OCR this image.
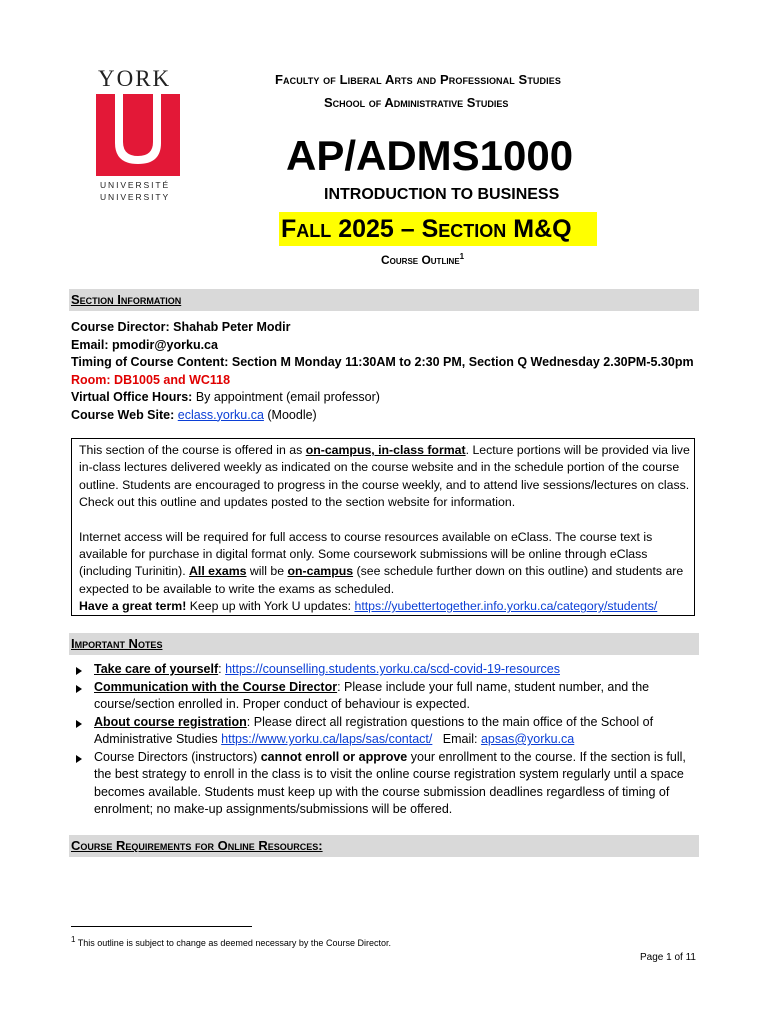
YORK
UNIVERSITÉ
UNIVERSITY
Faculty of Liberal Arts and Professional Studies
School of Administrative Studies
AP/ADMS1000
INTRODUCTION TO BUSINESS
Fall 2025 – Section M&Q
Course Outline$^1$
Section Information
Course Director: Shahab Peter Modir
Email: pmodir@yorku.ca
Timing of Course Content: Section M Monday 11:30AM to 2:30 PM, Section Q Wednesday 2.30PM-5.30pm
Room: DB1005 and WC118
Virtual Office Hours: By appointment (email professor)
Course Web Site: eclass.yorku.ca (Moodle)

This section of the course is offered in as on-campus, in-class format. Lecture portions will be provided via live in-class lectures delivered weekly as indicated on the course website and in the schedule portion of the course outline. Students are encouraged to progress in the course weekly, and to attend live sessions/lectures on class. Check out this outline and updates posted to the section website for information.

Internet access will be required for full access to course resources available on eClass. The course text is available for purchase in digital format only. Some coursework submissions will be online through eClass (including Turinitin). All exams will be on-campus (see schedule further down on this outline) and students are expected to be available to write the exams as scheduled.

Have a great term! Keep up with York U updates: https://yubettertogether.info.yorku.ca/category/students/

Important Notes
Take care of yourself: https://counselling.students.yorku.ca/scd-covid-19-resources
Communication with the Course Director: Please include your full name, student number, and the course/section enrolled in. Proper conduct of behaviour is expected.
About course registration: Please direct all registration questions to the main office of the School of Administrative Studies https://www.yorku.ca/laps/sas/contact/   Email: apsas@yorku.ca
Course Directors (instructors) cannot enroll or approve your enrollment to the course. If the section is full, the best strategy to enroll in the class is to visit the online course registration system regularly until a space becomes available. Students must keep up with the course submission deadlines regardless of timing of enrolment; no make-up assignments/submissions will be offered.
Course Requirements for Online Resources:
$^1$ This outline is subject to change as deemed necessary by the Course Director.
Page 1 of 11
